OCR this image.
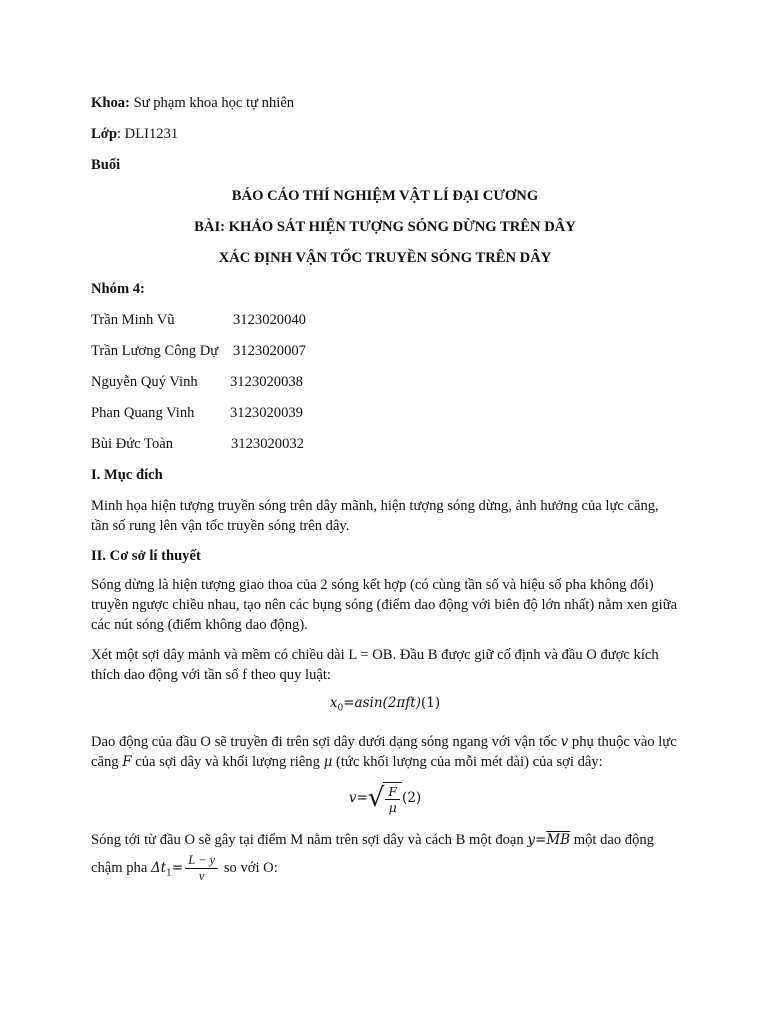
Khoa: Sư phạm khoa học tự nhiên
Lớp: DLI1231
Buổi
BÁO CÁO THÍ NGHIỆM VẬT LÍ ĐẠI CƯƠNG
BÀI: KHẢO SÁT HIỆN TƯỢNG SÓNG DỪNG TRÊN DÂY
XÁC ĐỊNH VẬN TỐC TRUYỀN SÓNG TRÊN DÂY
Nhóm 4:
Trần Minh Vũ	3123020040
Trần Lương Công Dự	3123020007
Nguyễn Quý Vinh	3123020038
Phan Quang Vinh	3123020039
Bùi Đức Toàn	3123020032
I. Mục đích
Minh họa hiện tượng truyền sóng trên dây mãnh, hiện tượng sóng dừng, ảnh hưởng của lực căng, tần số rung lên vận tốc truyền sóng trên dây.
II. Cơ sở lí thuyết
Sóng dừng là hiện tượng giao thoa của 2 sóng kết hợp (có cùng tần số và hiệu số pha không đổi) truyền ngược chiều nhau, tạo nên các bụng sóng (điểm dao động với biên độ lớn nhất) nằm xen giữa các nút sóng (điểm không dao động).
Xét một sợi dây mảnh và mềm có chiều dài L = OB. Đầu B được giữ cố định và đầu O được kích thích dao động với tần số f theo quy luật:
$x_0=asin(2\pi ft)(1)$
Dao động của đầu O sẽ truyền đi trên sợi dây dưới dạng sóng ngang với vận tốc v phụ thuộc vào lực căng F của sợi dây và khối lượng riêng μ (tức khối lượng của mỗi mét dài) của sợi dây:
v= √ $\frac{F}{\mu} (2)$
Sóng tới từ đầu O sẽ gây tại điểm M nằm trên sợi dây và cách B một đoạn $y=\overline{MB}$ một dao động chậm pha $\Delta t_1= \frac{L - y}{v}$ so với O:
